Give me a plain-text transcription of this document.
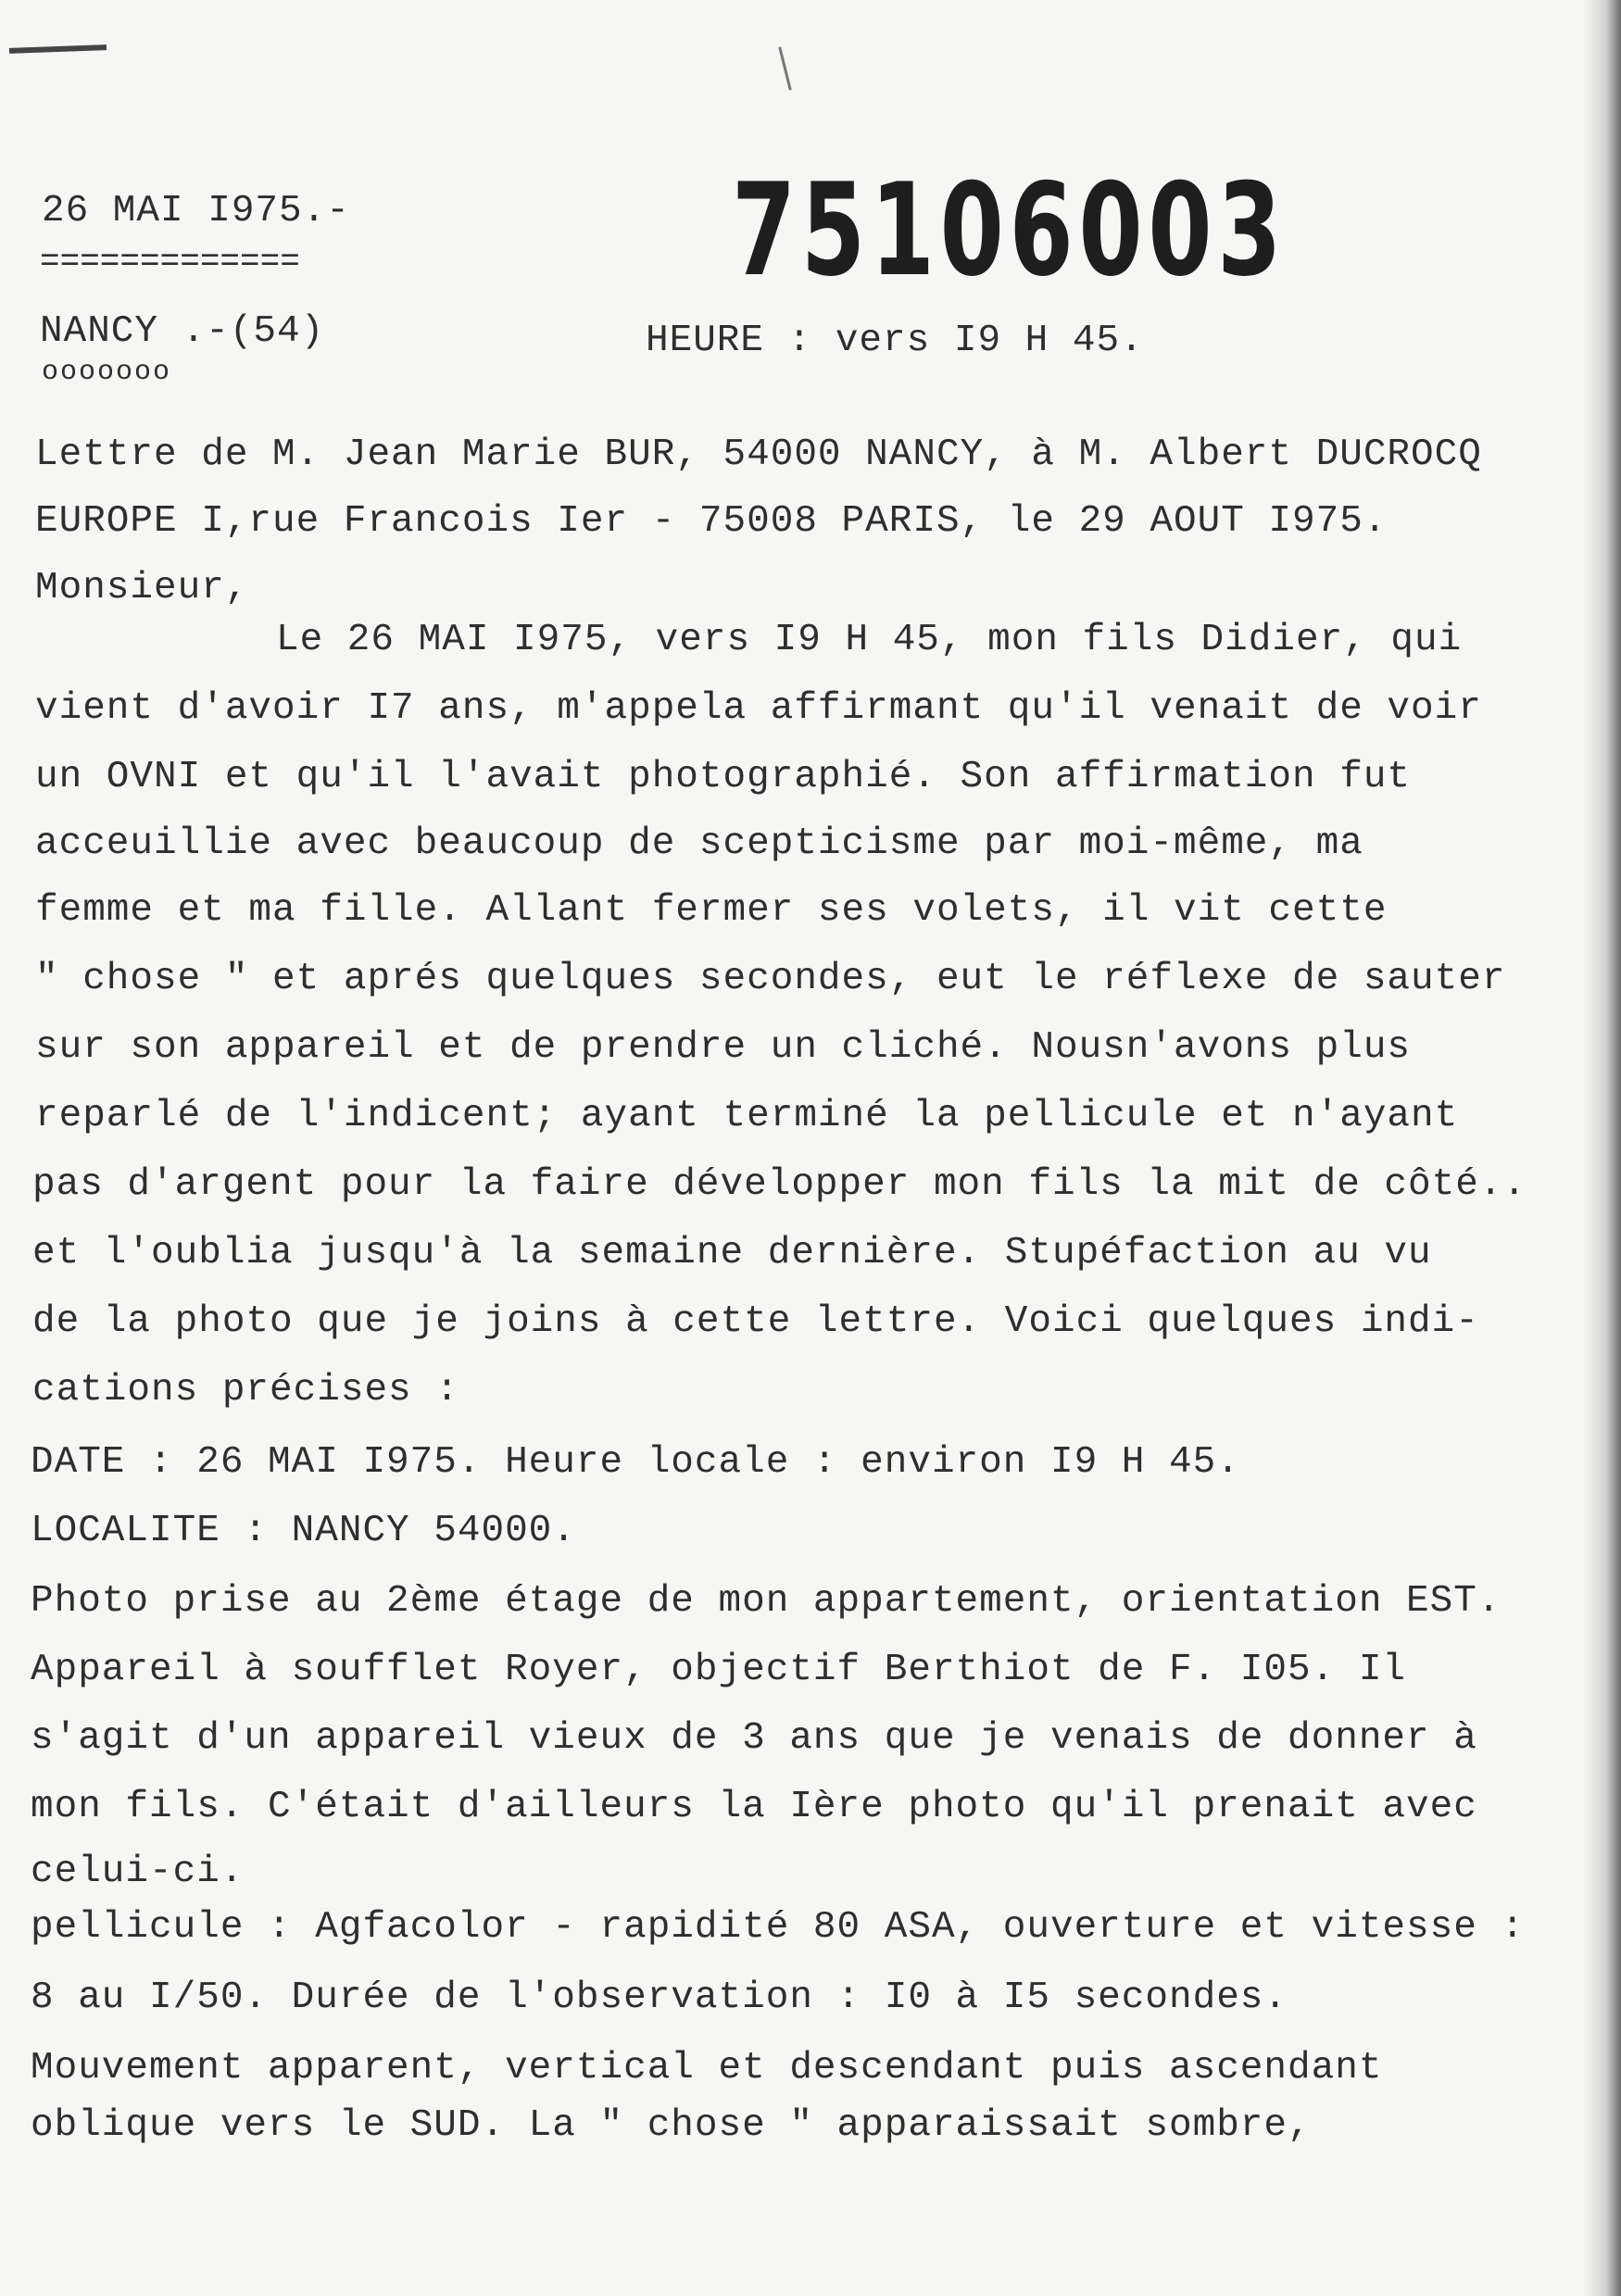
26 MAI I975.-
=============
NANCY .-(54)
ooooooo
75106003
HEURE : vers I9 H 45.
Lettre de M. Jean Marie BUR, 54000 NANCY, à M. Albert DUCROCQ
EUROPE I,rue Francois Ier - 75008 PARIS, le 29 AOUT I975.
Monsieur,
Le 26 MAI I975, vers I9 H 45, mon fils Didier, qui
vient d'avoir I7 ans, m'appela affirmant qu'il venait de voir
un OVNI et qu'il l'avait photographié. Son affirmation fut
acceuillie avec beaucoup de scepticisme par moi-même, ma
femme et ma fille. Allant fermer ses volets, il vit cette
" chose " et aprés quelques secondes, eut le réflexe de sauter
sur son appareil et de prendre un cliché. Nousn'avons plus
reparlé de l'indicent; ayant terminé la pellicule et n'ayant
pas d'argent pour la faire développer mon fils la mit de côté..
et l'oublia jusqu'à la semaine dernière. Stupéfaction au vu
de la photo que je joins à cette lettre. Voici quelques indi-
cations précises :
DATE : 26 MAI I975. Heure locale : environ I9 H 45.
LOCALITE : NANCY 54000.
Photo prise au 2ème étage de mon appartement, orientation EST.
Appareil à soufflet Royer, objectif Berthiot de F. I05. Il
s'agit d'un appareil vieux de 3 ans que je venais de donner à
mon fils. C'était d'ailleurs la Ière photo qu'il prenait avec
celui-ci.
pellicule : Agfacolor - rapidité 80 ASA, ouverture et vitesse :
8 au I/50. Durée de l'observation : I0 à I5 secondes.
Mouvement apparent, vertical et descendant puis ascendant
oblique vers le SUD. La " chose " apparaissait sombre,
